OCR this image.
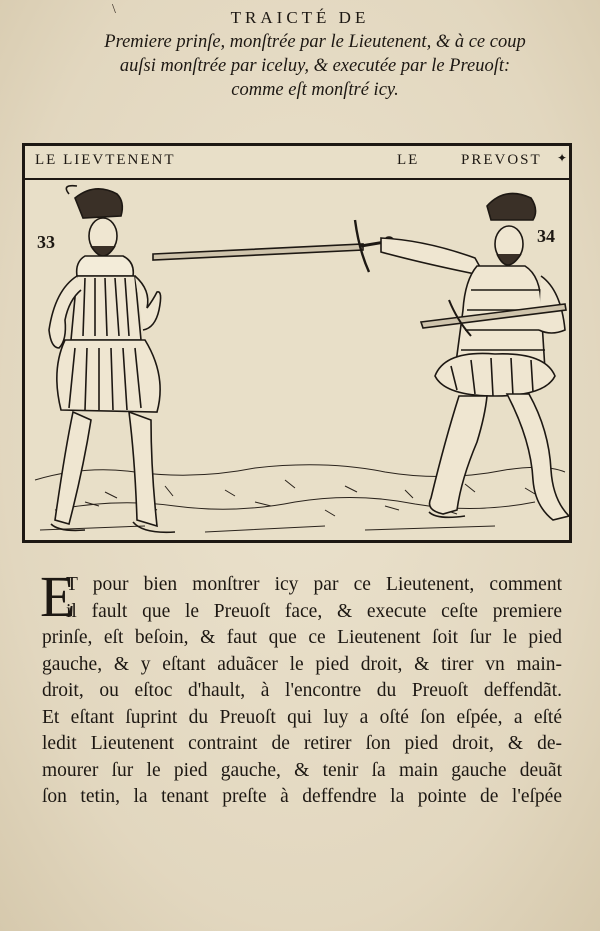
\	TRAICTÉ DE
Premiere prinſe, monſtrée par le Lieutenent, & à ce coup
auſsi monſtrée par iceluy, & executée par le Preuoſt:
comme eſt monſtré icy.
LE LIEVTENENT	LE	PREVOST ✦
33	34
E
T pour bien monſtrer icy par ce Lieutenent, comment
il fault que le Preuoſt face, & execute ceſte premiere
prinſe, eſt beſoin, & faut que ce Lieutenent ſoit ſur le pied
gauche, & y eſtant aduãcer le pied droit, & tirer vn main-
droit, ou eſtoc d'hault, à l'encontre du Preuoſt deffendãt.
Et eſtant ſuprint du Preuoſt qui luy a oſté ſon eſpée, a eſté
ledit Lieutenent contraint de retirer ſon pied droit, & de-
mourer ſur le pied gauche, & tenir ſa main gauche deuãt
ſon tetin, la tenant preſte à deffendre la pointe de l'eſpée
